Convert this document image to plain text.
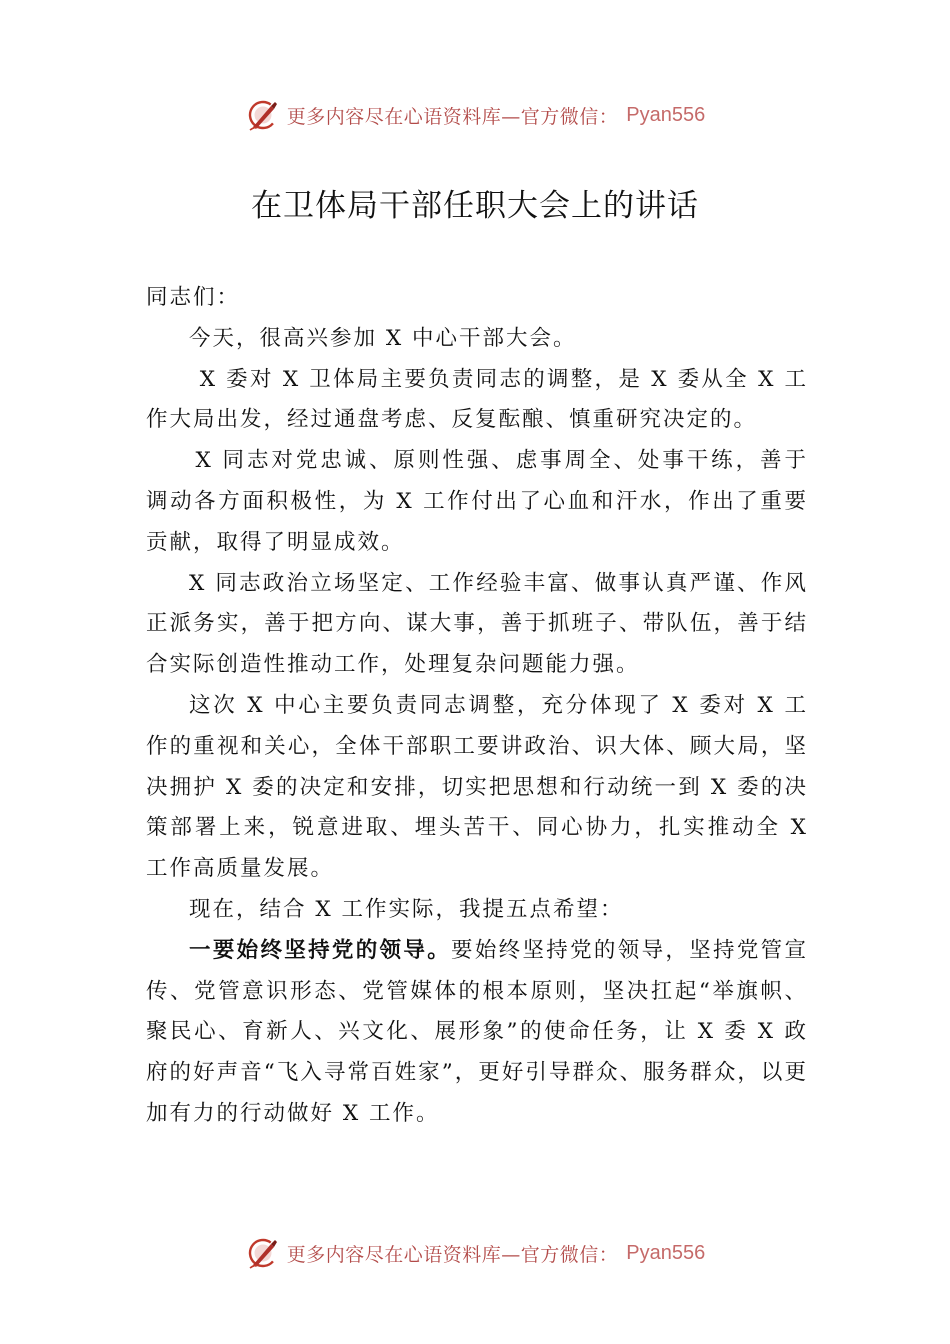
更多内容尽在心语资料库—官方微信： Pyan556
在卫体局干部任职大会上的讲话

同志们：

今天，很高兴参加 X 中心干部大会。

X 委对 X 卫体局主要负责同志的调整，是 X 委从全 X 工作大局出发，经过通盘考虑、反复酝酿、慎重研究决定的。

X 同志对党忠诚、原则性强、虑事周全、处事干练，善于调动各方面积极性，为 X 工作付出了心血和汗水，作出了重要贡献，取得了明显成效。

X 同志政治立场坚定、工作经验丰富、做事认真严谨、作风正派务实，善于把方向、谋大事，善于抓班子、带队伍，善于结合实际创造性推动工作，处理复杂问题能力强。

这次 X 中心主要负责同志调整，充分体现了 X 委对 X 工作的重视和关心，全体干部职工要讲政治、识大体、顾大局，坚决拥护 X 委的决定和安排，切实把思想和行动统一到 X 委的决策部署上来，锐意进取、埋头苦干、同心协力，扎实推动全 X 工作高质量发展。

现在，结合 X 工作实际，我提五点希望：

一要始终坚持党的领导。要始终坚持党的领导，坚持党管宣传、党管意识形态、党管媒体的根本原则，坚决扛起“举旗帜、聚民心、育新人、兴文化、展形象”的使命任务，让 X 委 X 政府的好声音“飞入寻常百姓家”，更好引导群众、服务群众，以更加有力的行动做好 X 工作。

更多内容尽在心语资料库—官方微信： Pyan556
